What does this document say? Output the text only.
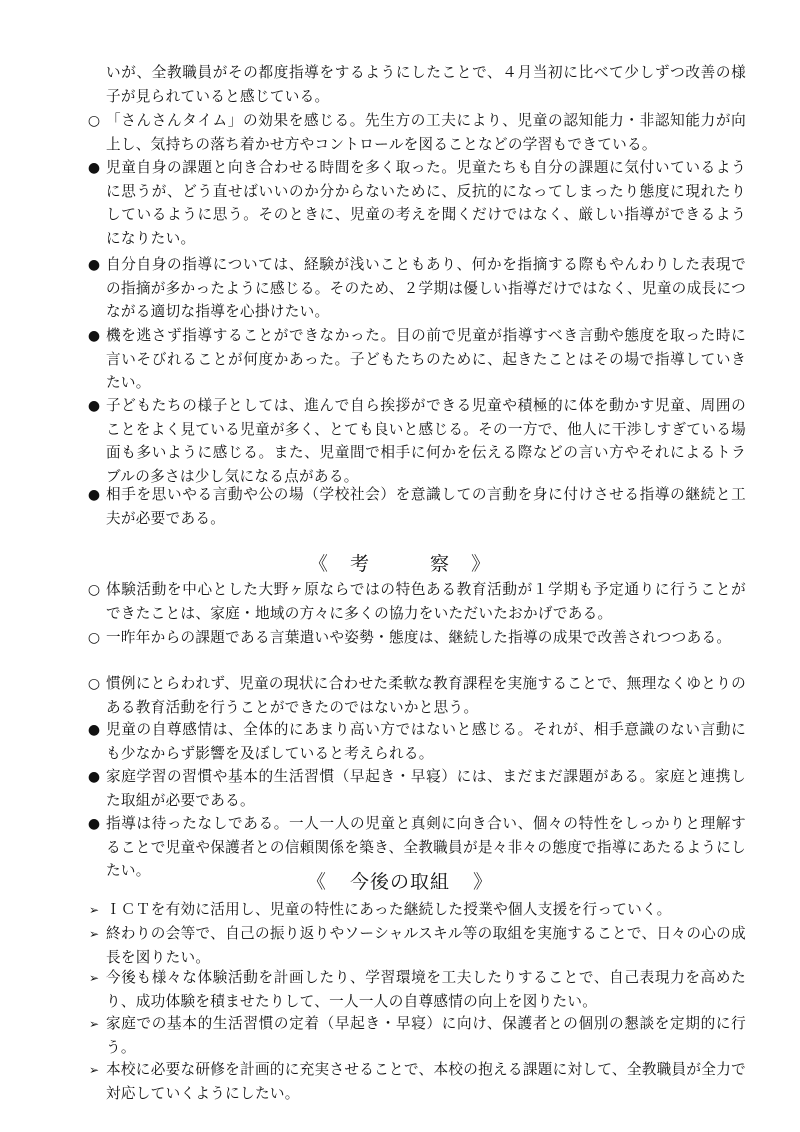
いが、全教職員がその都度指導をするようにしたことで、４月当初に比べて少しずつ改善の様子が見られていると感じている。
○ 「さんさんタイム」の効果を感じる。先生方の工夫により、児童の認知能力・非認知能力が向上し、気持ちの落ち着かせ方やコントロールを図ることなどの学習もできている。
● 児童自身の課題と向き合わせる時間を多く取った。児童たちも自分の課題に気付いているように思うが、どう直せばいいのか分からないために、反抗的になってしまったり態度に現れたりしているように思う。そのときに、児童の考えを聞くだけではなく、厳しい指導ができるようになりたい。
● 自分自身の指導については、経験が浅いこともあり、何かを指摘する際もやんわりした表現での指摘が多かったように感じる。そのため、２学期は優しい指導だけではなく、児童の成長につながる適切な指導を心掛けたい。
● 機を逃さず指導することができなかった。目の前で児童が指導すべき言動や態度を取った時に言いそびれることが何度かあった。子どもたちのために、起きたことはその場で指導していきたい。
● 子どもたちの様子としては、進んで自ら挨拶ができる児童や積極的に体を動かす児童、周囲のことをよく見ている児童が多く、とても良いと感じる。その一方で、他人に干渉しすぎている場面も多いように感じる。また、児童間で相手に何かを伝える際などの言い方やそれによるトラブルの多さは少し気になる点がある。
● 相手を思いやる言動や公の場（学校社会）を意識しての言動を身に付けさせる指導の継続と工夫が必要である。
《 考　　　察 》
○ 体験活動を中心とした大野ヶ原ならではの特色ある教育活動が１学期も予定通りに行うことができたことは、家庭・地域の方々に多くの協力をいただいたおかげである。
○ 一昨年からの課題である言葉遣いや姿勢・態度は、継続した指導の成果で改善されつつある。
○ 慣例にとらわれず、児童の現状に合わせた柔軟な教育課程を実施することで、無理なくゆとりのある教育活動を行うことができたのではないかと思う。
● 児童の自尊感情は、全体的にあまり高い方ではないと感じる。それが、相手意識のない言動にも少なからず影響を及ぼしていると考えられる。
● 家庭学習の習慣や基本的生活習慣（早起き・早寝）には、まだまだ課題がある。家庭と連携した取組が必要である。
● 指導は待ったなしである。一人一人の児童と真剣に向き合い、個々の特性をしっかりと理解することで児童や保護者との信頼関係を築き、全教職員が是々非々の態度で指導にあたるようにしたい。
《 今後の取組 》
➢ ＩＣＴを有効に活用し、児童の特性にあった継続した授業や個人支援を行っていく。
➢ 終わりの会等で、自己の振り返りやソーシャルスキル等の取組を実施することで、日々の心の成長を図りたい。
➢ 今後も様々な体験活動を計画したり、学習環境を工夫したりすることで、自己表現力を高めたり、成功体験を積ませたりして、一人一人の自尊感情の向上を図りたい。
➢ 家庭での基本的生活習慣の定着（早起き・早寝）に向け、保護者との個別の懇談を定期的に行う。
➢ 本校に必要な研修を計画的に充実させることで、本校の抱える課題に対して、全教職員が全力で対応していくようにしたい。
